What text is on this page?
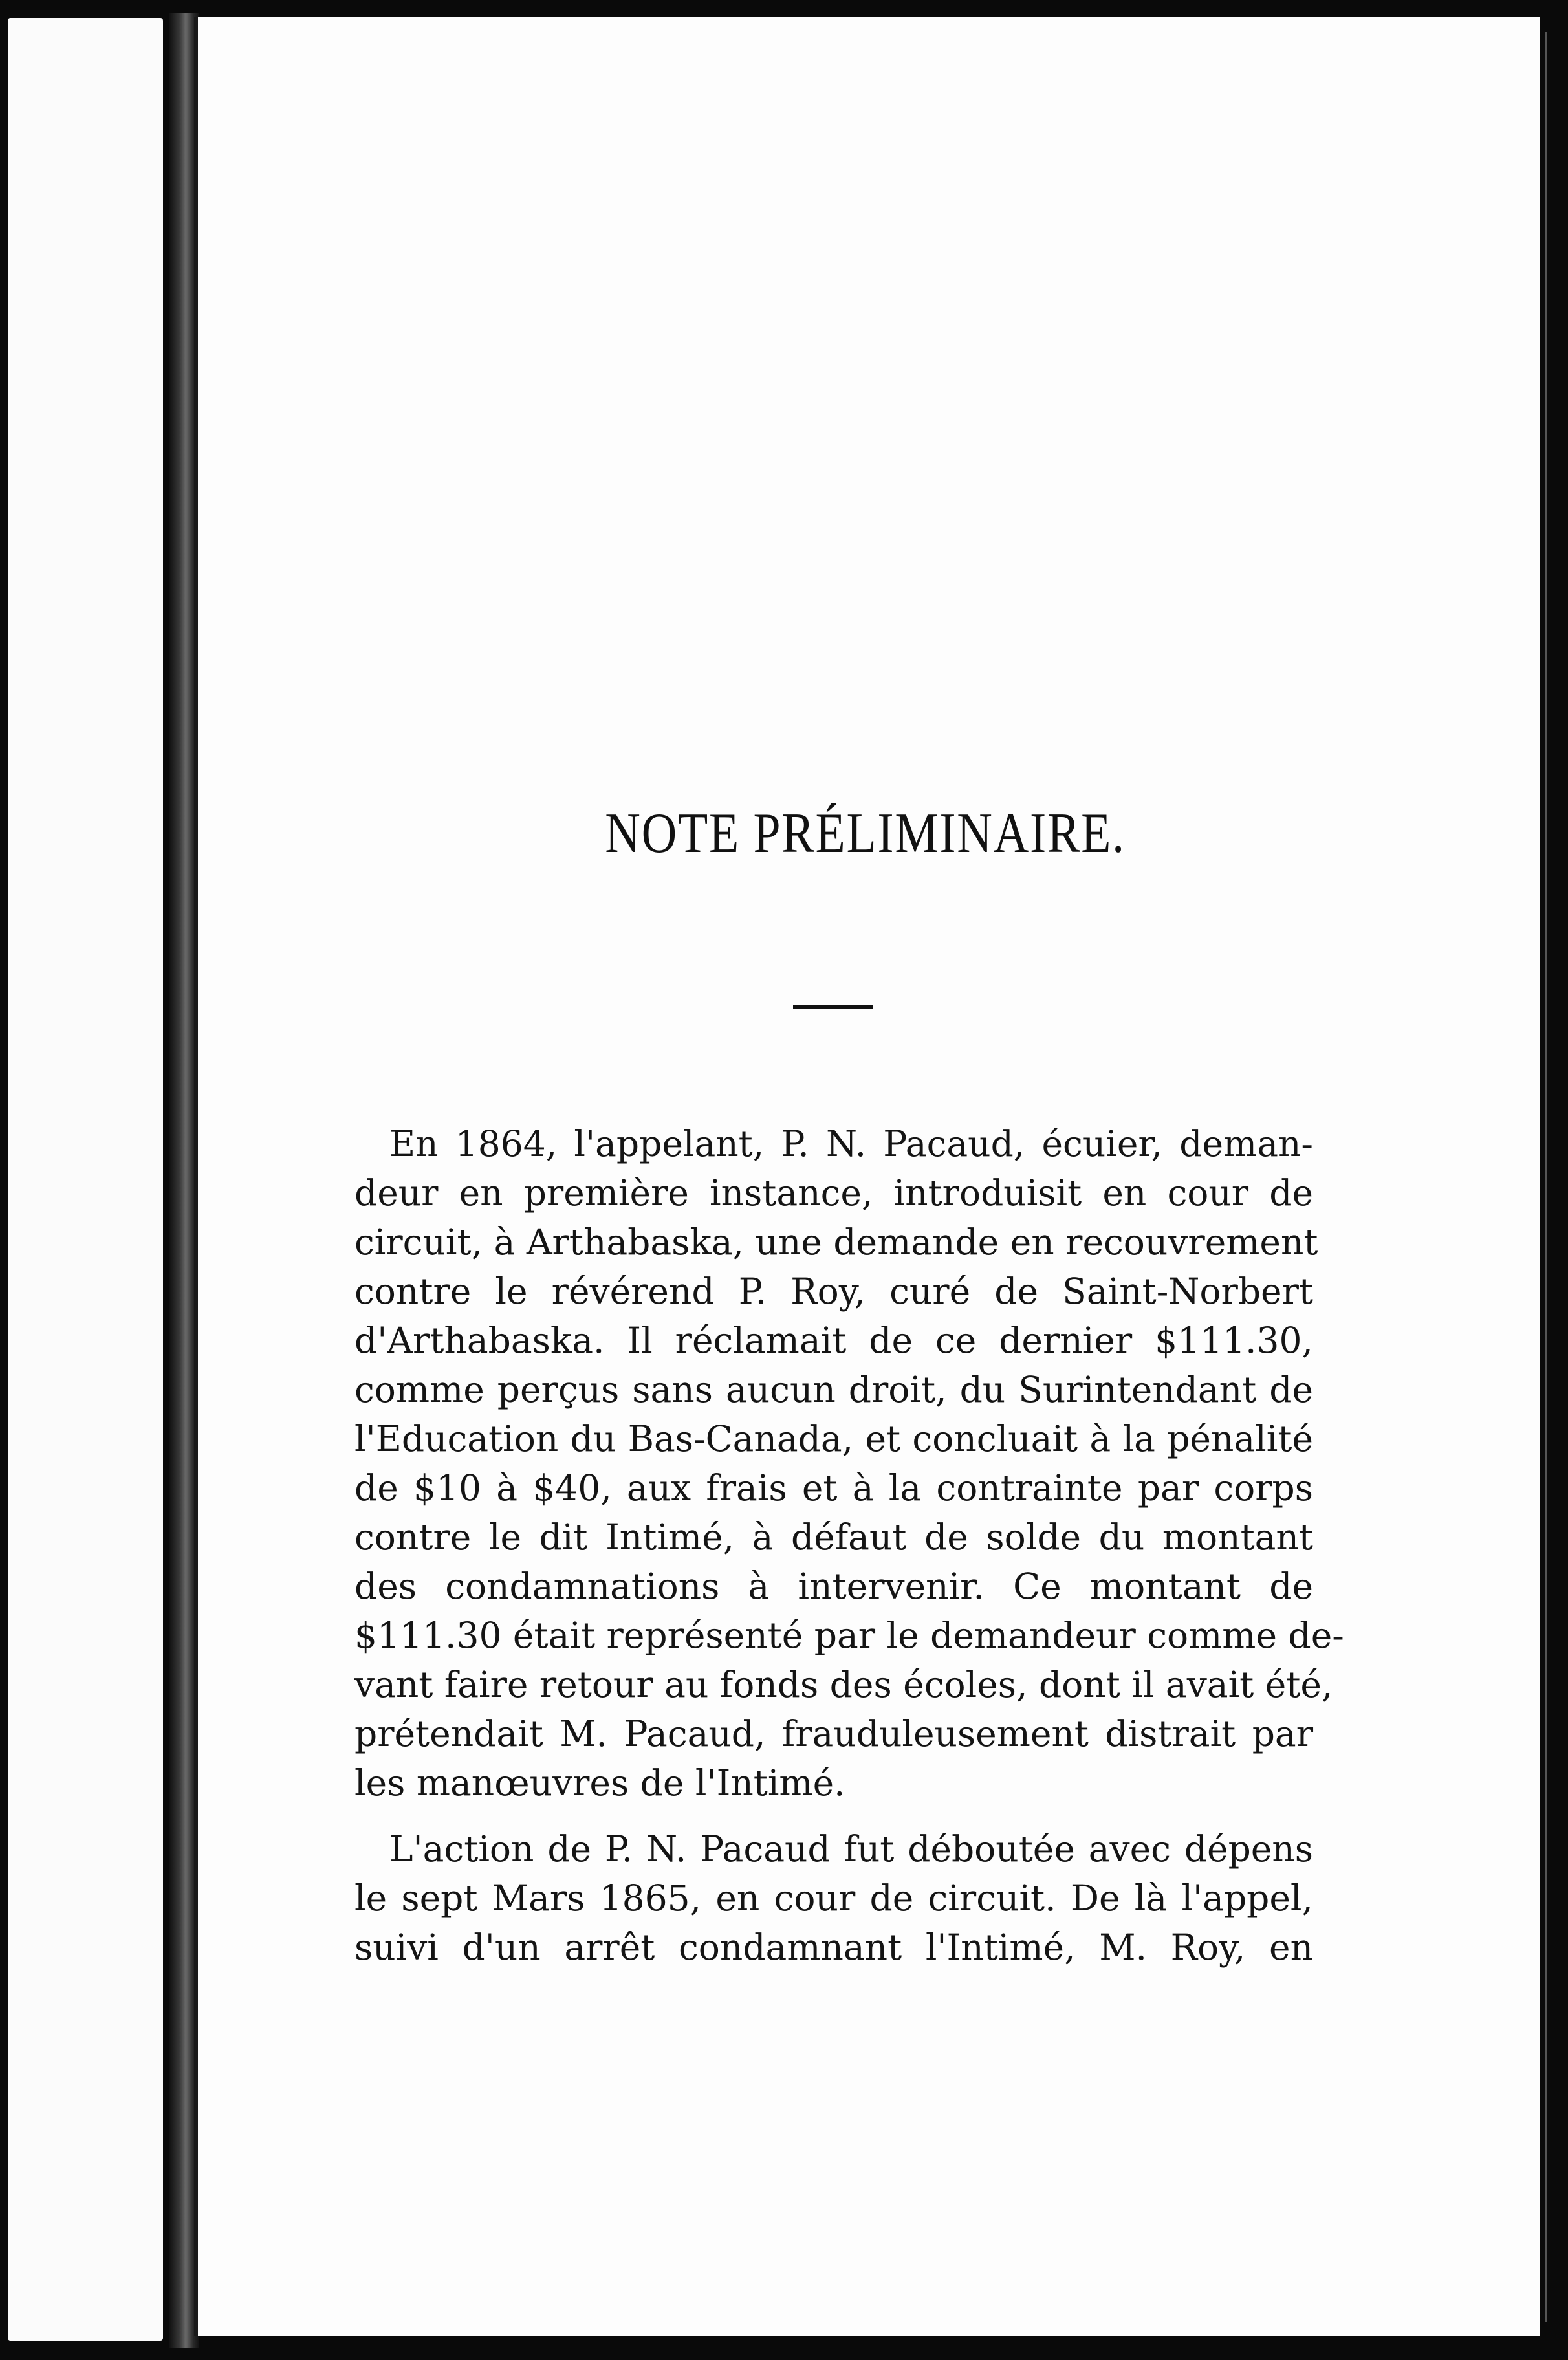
NOTE PRÉLIMINAIRE.
En 1864, l'appelant, P. N. Pacaud, écuier, deman-
deur en première instance, introduisit en cour de
circuit, à Arthabaska, une demande en recouvrement
contre le révérend P. Roy, curé de Saint-Norbert
d'Arthabaska. Il réclamait de ce dernier $111.30,
comme perçus sans aucun droit, du Surintendant de
l'Education du Bas-Canada, et concluait à la pénalité
de $10 à $40, aux frais et à la contrainte par corps
contre le dit Intimé, à défaut de solde du montant
des condamnations à intervenir. Ce montant de
$111.30 était représenté par le demandeur comme de-
vant faire retour au fonds des écoles, dont il avait été,
prétendait M. Pacaud, frauduleusement distrait par
les manœuvres de l'Intimé.
L'action de P. N. Pacaud fut déboutée avec dépens
le sept Mars 1865, en cour de circuit. De là l'appel,
suivi d'un arrêt condamnant l'Intimé, M. Roy, en
